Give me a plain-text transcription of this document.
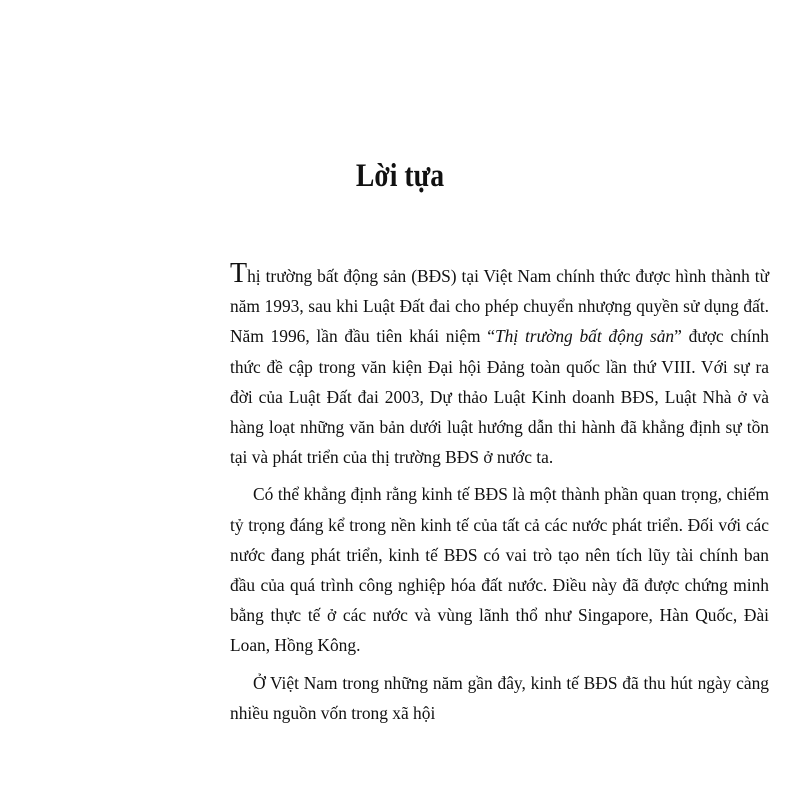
Lời tựa

Thị trường bất động sản (BĐS) tại Việt Nam chính thức được hình thành từ năm 1993, sau khi Luật Đất đai cho phép chuyển nhượng quyền sử dụng đất. Năm 1996, lần đầu tiên khái niệm “Thị trường bất động sản” được chính thức đề cập trong văn kiện Đại hội Đảng toàn quốc lần thứ VIII. Với sự ra đời của Luật Đất đai 2003, Dự thảo Luật Kinh doanh BĐS, Luật Nhà ở và hàng loạt những văn bản dưới luật hướng dẫn thi hành đã khẳng định sự tồn tại và phát triển của thị trường BĐS ở nước ta.

Có thể khẳng định rằng kinh tế BĐS là một thành phần quan trọng, chiếm tỷ trọng đáng kể trong nền kinh tế của tất cả các nước phát triển. Đối với các nước đang phát triển, kinh tế BĐS có vai trò tạo nên tích lũy tài chính ban đầu của quá trình công nghiệp hóa đất nước. Điều này đã được chứng minh bằng thực tế ở các nước và vùng lãnh thổ như Singapore, Hàn Quốc, Đài Loan, Hồng Kông.

Ở Việt Nam trong những năm gần đây, kinh tế BĐS đã thu hút ngày càng nhiều nguồn vốn trong xã hội
